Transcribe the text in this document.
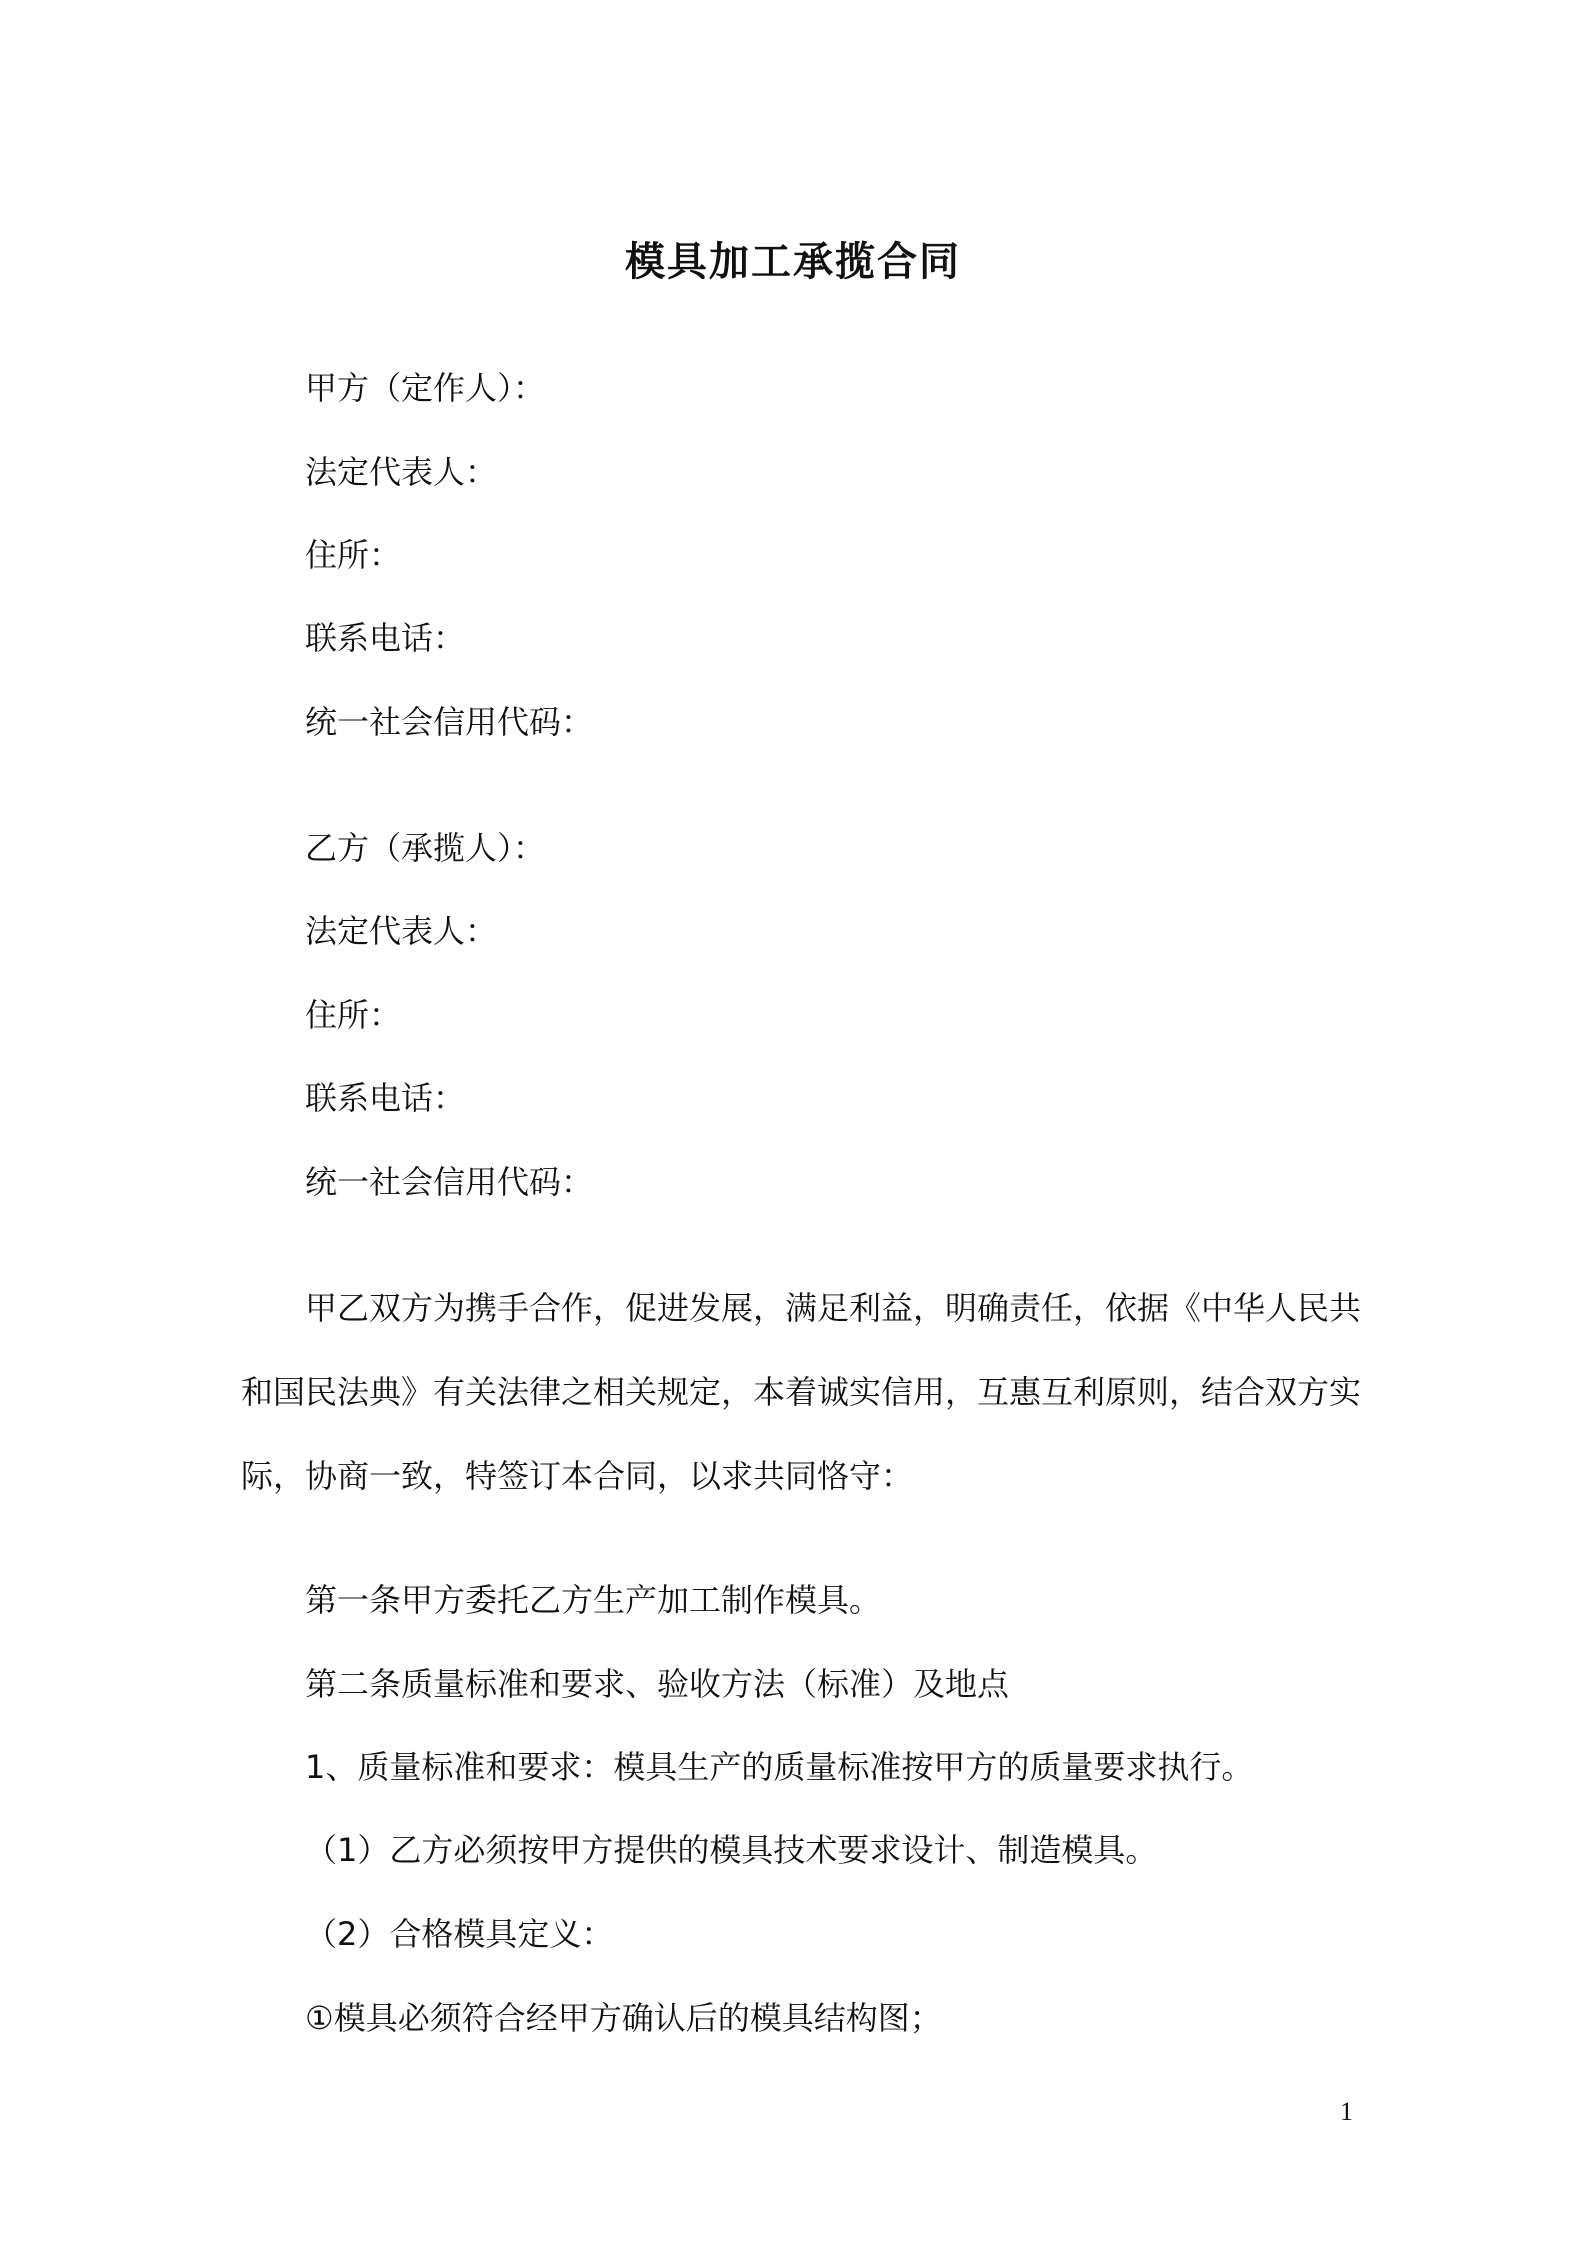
模具加工承揽合同
甲方（定作人）：
法定代表人：
住所：
联系电话：
统一社会信用代码：
乙方（承揽人）：
法定代表人：
住所：
联系电话：
统一社会信用代码：
甲乙双方为携手合作，促进发展，满足利益，明确责任，依据《中华人民共
和国民法典》有关法律之相关规定，本着诚实信用，互惠互利原则，结合双方实
际，协商一致，特签订本合同，以求共同恪守：
第一条甲方委托乙方生产加工制作模具。
第二条质量标准和要求、验收方法（标准）及地点
1、质量标准和要求：模具生产的质量标准按甲方的质量要求执行。
（1）乙方必须按甲方提供的模具技术要求设计、制造模具。
（2）合格模具定义：
①模具必须符合经甲方确认后的模具结构图；
1
